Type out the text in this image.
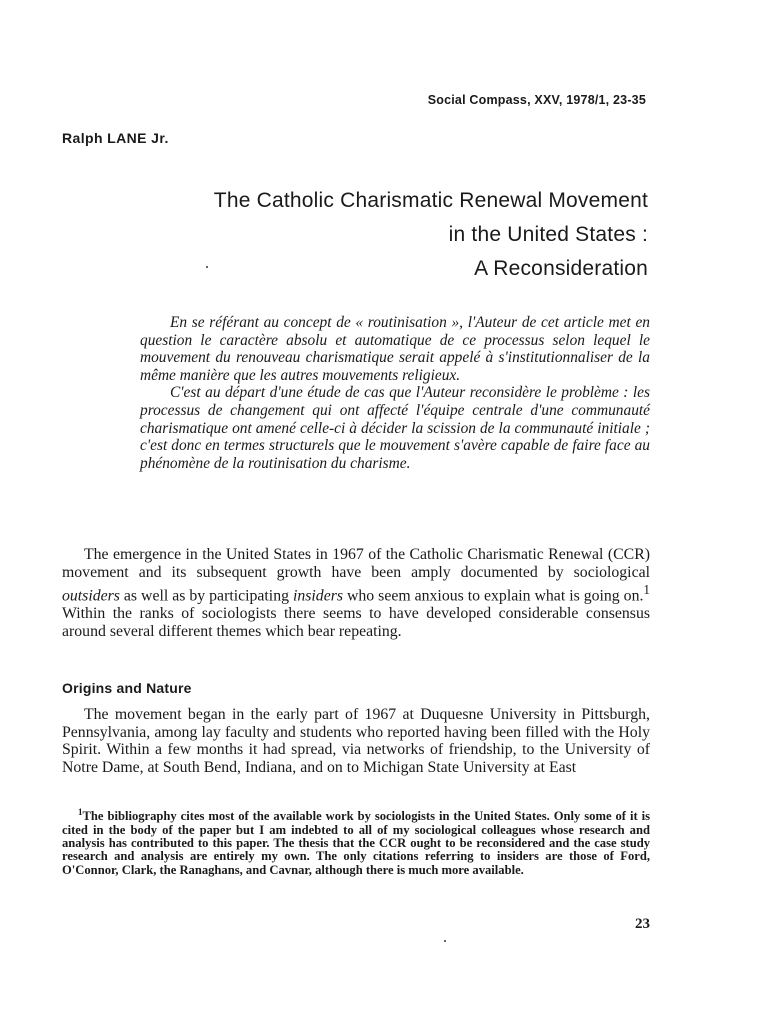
Social Compass, XXV, 1978/1, 23-35
Ralph LANE Jr.
The Catholic Charismatic Renewal Movement
in the United States :
A Reconsideration

En se référant au concept de « routinisation », l'Auteur de cet article met en question le caractère absolu et automatique de ce processus selon lequel le mouvement du renouveau charismatique serait appelé à s'institutionnaliser de la même manière que les autres mouvements religieux.

C'est au départ d'une étude de cas que l'Auteur reconsidère le problème : les processus de changement qui ont affecté l'équipe centrale d'une communauté charismatique ont amené celle-ci à décider la scission de la communauté initiale ; c'est donc en termes structurels que le mouvement s'avère capable de faire face au phénomène de la routinisation du charisme.

The emergence in the United States in 1967 of the Catholic Charismatic Renewal (CCR) movement and its subsequent growth have been amply documented by sociological outsiders as well as by participating insiders who seem anxious to explain what is going on.$^1$ Within the ranks of sociologists there seems to have developed considerable consensus around several different themes which bear repeating.

Origins and Nature

The movement began in the early part of 1967 at Duquesne University in Pittsburgh, Pennsylvania, among lay faculty and students who reported having been filled with the Holy Spirit. Within a few months it had spread, via networks of friendship, to the University of Notre Dame, at South Bend, Indiana, and on to Michigan State University at East

$^1$The bibliography cites most of the available work by sociologists in the United States. Only some of it is cited in the body of the paper but I am indebted to all of my sociological colleagues whose research and analysis has contributed to this paper. The thesis that the CCR ought to be reconsidered and the case study research and analysis are entirely my own. The only citations referring to insiders are those of Ford, O'Connor, Clark, the Ranaghans, and Cavnar, although there is much more available.

23
